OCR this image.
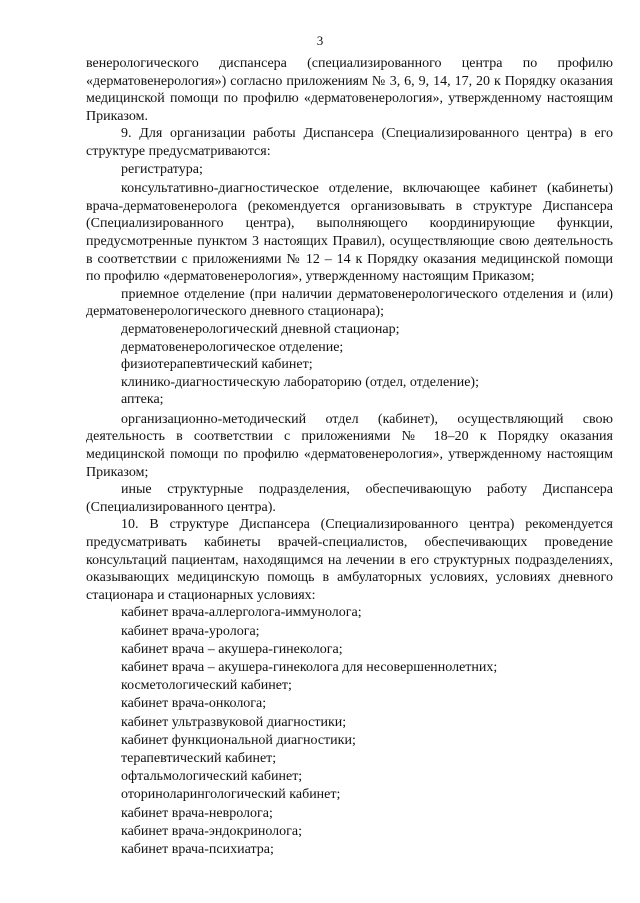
3

венерологического диспансера (специализированного центра по профилю «дерматовенерология») согласно приложениям № 3, 6, 9, 14, 17, 20 к Порядку оказания медицинской помощи по профилю «дерматовенерология», утвержденному настоящим Приказом.

9. Для организации работы Диспансера (Специализированного центра) в его структуре предусматриваются:

регистратура;

консультативно-диагностическое отделение, включающее кабинет (кабинеты) врача-дерматовенеролога (рекомендуется организовывать в структуре Диспансера (Специализированного центра), выполняющего координирующие функции, предусмотренные пунктом 3 настоящих Правил), осуществляющие свою деятельность в соответствии с приложениями № 12 – 14 к Порядку оказания медицинской помощи по профилю «дерматовенерология», утвержденному настоящим Приказом;

приемное отделение (при наличии дерматовенерологического отделения и (или) дерматовенерологического дневного стационара);

дерматовенерологический дневной стационар;

дерматовенерологическое отделение;

физиотерапевтический кабинет;

клинико-диагностическую лабораторию (отдел, отделение);

аптека;

организационно-методический отдел (кабинет), осуществляющий свою деятельность в соответствии с приложениями № 18–20 к Порядку оказания медицинской помощи по профилю «дерматовенерология», утвержденному настоящим Приказом;

иные структурные подразделения, обеспечивающую работу Диспансера (Специализированного центра).

10. В структуре Диспансера (Специализированного центра) рекомендуется предусматривать кабинеты врачей-специалистов, обеспечивающих проведение консультаций пациентам, находящимся на лечении в его структурных подразделениях, оказывающих медицинскую помощь в амбулаторных условиях, условиях дневного стационара и стационарных условиях:

кабинет врача-аллерголога-иммунолога;

кабинет врача-уролога;

кабинет врача – акушера-гинеколога;

кабинет врача – акушера-гинеколога для несовершеннолетних;

косметологический кабинет;

кабинет врача-онколога;

кабинет ультразвуковой диагностики;

кабинет функциональной диагностики;

терапевтический кабинет;

офтальмологический кабинет;

оториноларингологический кабинет;

кабинет врача-невролога;

кабинет врача-эндокринолога;

кабинет врача-психиатра;
